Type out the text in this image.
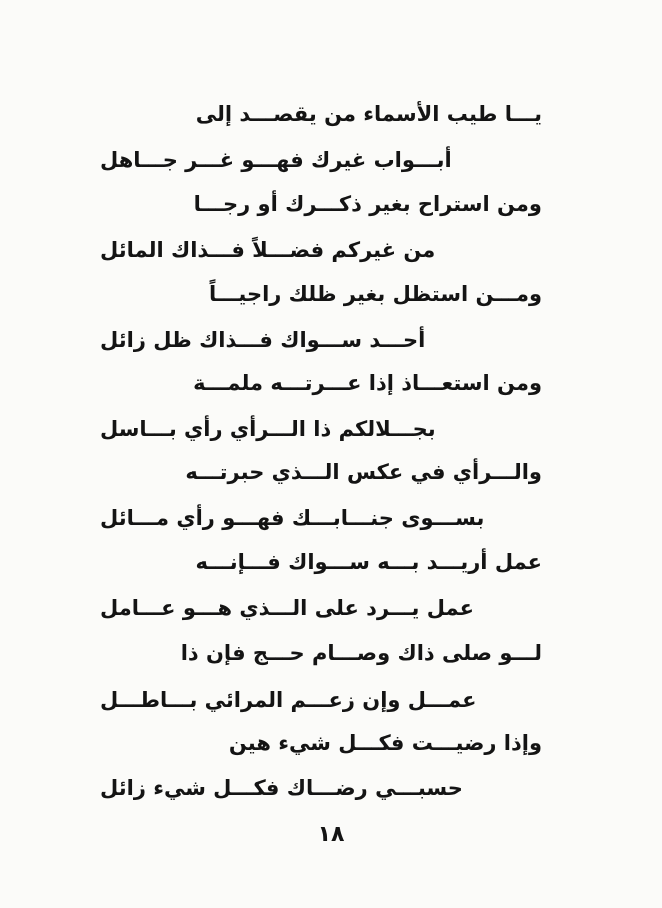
يـــا طيب الأسماء من يقصـــد إلى
أبـــواب غيرك فهـــو غـــر جـــاهل
ومن استراح بغير ذكـــرك أو رجـــا
من غيركم فضـــلاً فـــذاك المائل
ومـــن استظل بغير ظلك راجيـــاً
أحـــد ســـواك فـــذاك ظل زائل
ومن استعـــاذ إذا عـــرتـــه ملمـــة
بجـــلالكم ذا الـــرأي رأي بـــاسل
والـــرأي في عكس الـــذي حبرتـــه
بســـوى جنـــابـــك فهـــو رأي مـــائل
عمل أريـــد بـــه ســـواك فـــإنـــه
عمل يـــرد على الـــذي هـــو عـــامل
لـــو صلى ذاك وصـــام حـــج فإن ذا
عمـــل وإن زعـــم المرائي بـــاطـــل
وإذا رضيـــت فكـــل شيء هين
حسبـــي رضـــاك فكـــل شيء زائل
١٨
